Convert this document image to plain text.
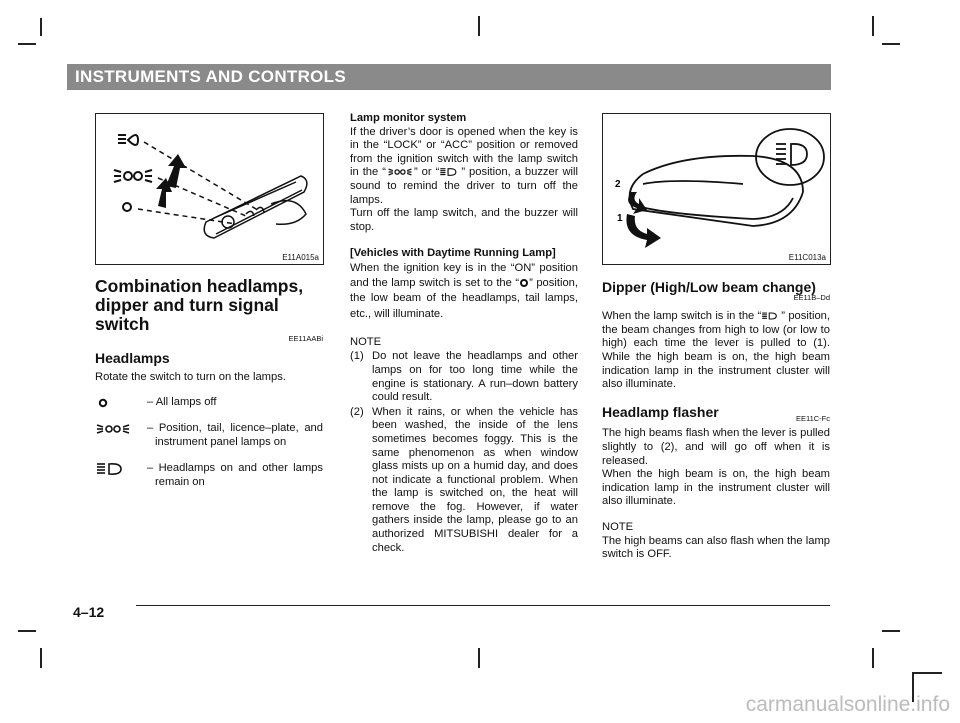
INSTRUMENTS AND CONTROLS
E11A015a
Combination headlamps, dipper and turn signal switch
EE11AABi
Headlamps

Rotate the switch to turn on the lamps.

– All lamps off
– Position, tail, licence–plate, and instrument panel lamps on
– Headlamps on and other lamps remain on
Lamp monitor system

If the driver’s door is opened when the key is in the “LOCK” or “ACC” position or removed from the ignition switch with the lamp switch in the “	” or “ ” position, a buzzer will sound to remind the driver to turn off the lamps.

Turn off the lamp switch, and the buzzer will stop.

[Vehicles with Daytime Running Lamp]

When the ignition key is in the “ON” position and the lamp switch is set to the “ ” position, the low beam of the headlamps, tail lamps, etc., will illuminate.

NOTE
(1) Do not leave the headlamps and other lamps on for too long time while the engine is stationary. A run–down battery could result.
(2) When it rains, or when the vehicle has been washed, the inside of the lens sometimes becomes foggy. This is the same phenomenon as when window glass mists up on a humid day, and does not indicate a functional problem. When the lamp is switched on, the heat will remove the fog. However, if water gathers inside the lamp, please go to an authorized MITSUBISHI dealer for a check.
2
1
E11C013a
Dipper (High/Low beam change)
EE11B–Dd

When the lamp switch is in the “ ” position, the beam changes from high to low (or low to high) each time the lever is pulled to (1). While the high beam is on, the high beam indication lamp in the instrument cluster will also illuminate.

Headlamp flasher	EE11C-Fc

The high beams flash when the lever is pulled slightly to (2), and will go off when it is released.

When the high beam is on, the high beam indication lamp in the instrument cluster will also illuminate.

NOTE

The high beams can also flash when the lamp switch is OFF.

4–12
carmanualsonline.info
